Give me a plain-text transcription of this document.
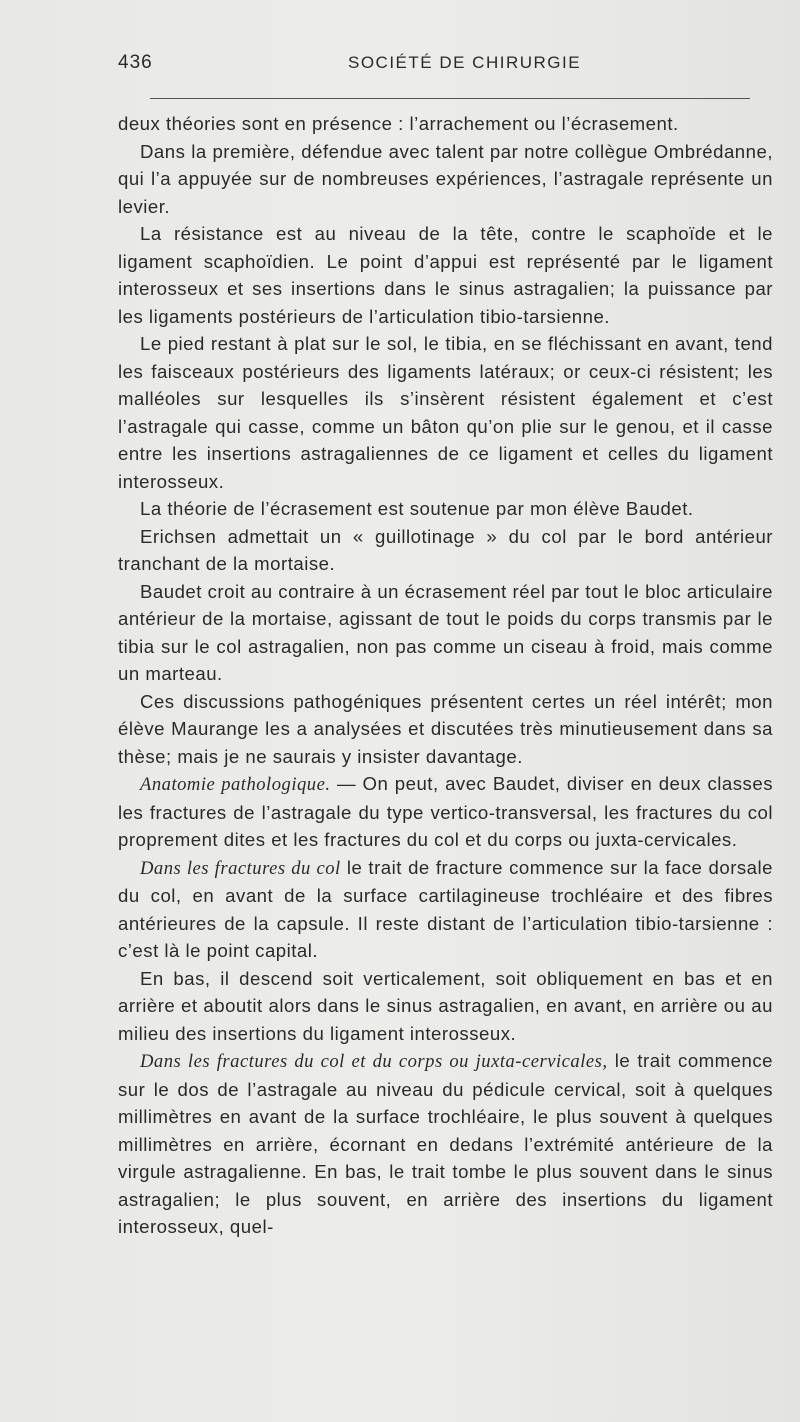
436	SOCIÉTÉ DE CHIRURGIE

deux théories sont en présence : l’arrachement ou l’écrasement.

Dans la première, défendue avec talent par notre collègue Ombrédanne, qui l’a appuyée sur de nombreuses expériences, l’astragale représente un levier.

La résistance est au niveau de la tête, contre le scaphoïde et le ligament scaphoïdien. Le point d’appui est représenté par le ligament interosseux et ses insertions dans le sinus astragalien; la puissance par les ligaments postérieurs de l’articulation tibio-tarsienne.

Le pied restant à plat sur le sol, le tibia, en se fléchissant en avant, tend les faisceaux postérieurs des ligaments latéraux; or ceux-ci résistent; les malléoles sur lesquelles ils s’insèrent résistent également et c’est l’astragale qui casse, comme un bâton qu’on plie sur le genou, et il casse entre les insertions astragaliennes de ce ligament et celles du ligament interosseux.

La théorie de l’écrasement est soutenue par mon élève Baudet.

Erichsen admettait un « guillotinage » du col par le bord antérieur tranchant de la mortaise.

Baudet croit au contraire à un écrasement réel par tout le bloc articulaire antérieur de la mortaise, agissant de tout le poids du corps transmis par le tibia sur le col astragalien, non pas comme un ciseau à froid, mais comme un marteau.

Ces discussions pathogéniques présentent certes un réel intérêt; mon élève Maurange les a analysées et discutées très minutieusement dans sa thèse; mais je ne saurais y insister davantage.

Anatomie pathologique. — On peut, avec Baudet, diviser en deux classes les fractures de l’astragale du type vertico-transversal, les fractures du col proprement dites et les fractures du col et du corps ou juxta-cervicales.

Dans les fractures du col le trait de fracture commence sur la face dorsale du col, en avant de la surface cartilagineuse trochléaire et des fibres antérieures de la capsule. Il reste distant de l’articulation tibio-tarsienne : c’est là le point capital.

En bas, il descend soit verticalement, soit obliquement en bas et en arrière et aboutit alors dans le sinus astragalien, en avant, en arrière ou au milieu des insertions du ligament interosseux.

Dans les fractures du col et du corps ou juxta-cervicales, le trait commence sur le dos de l’astragale au niveau du pédicule cervical, soit à quelques millimètres en avant de la surface trochléaire, le plus souvent à quelques millimètres en arrière, écornant en dedans l’extrémité antérieure de la virgule astragalienne. En bas, le trait tombe le plus souvent dans le sinus astragalien; le plus souvent, en arrière des insertions du ligament interosseux, quel-
